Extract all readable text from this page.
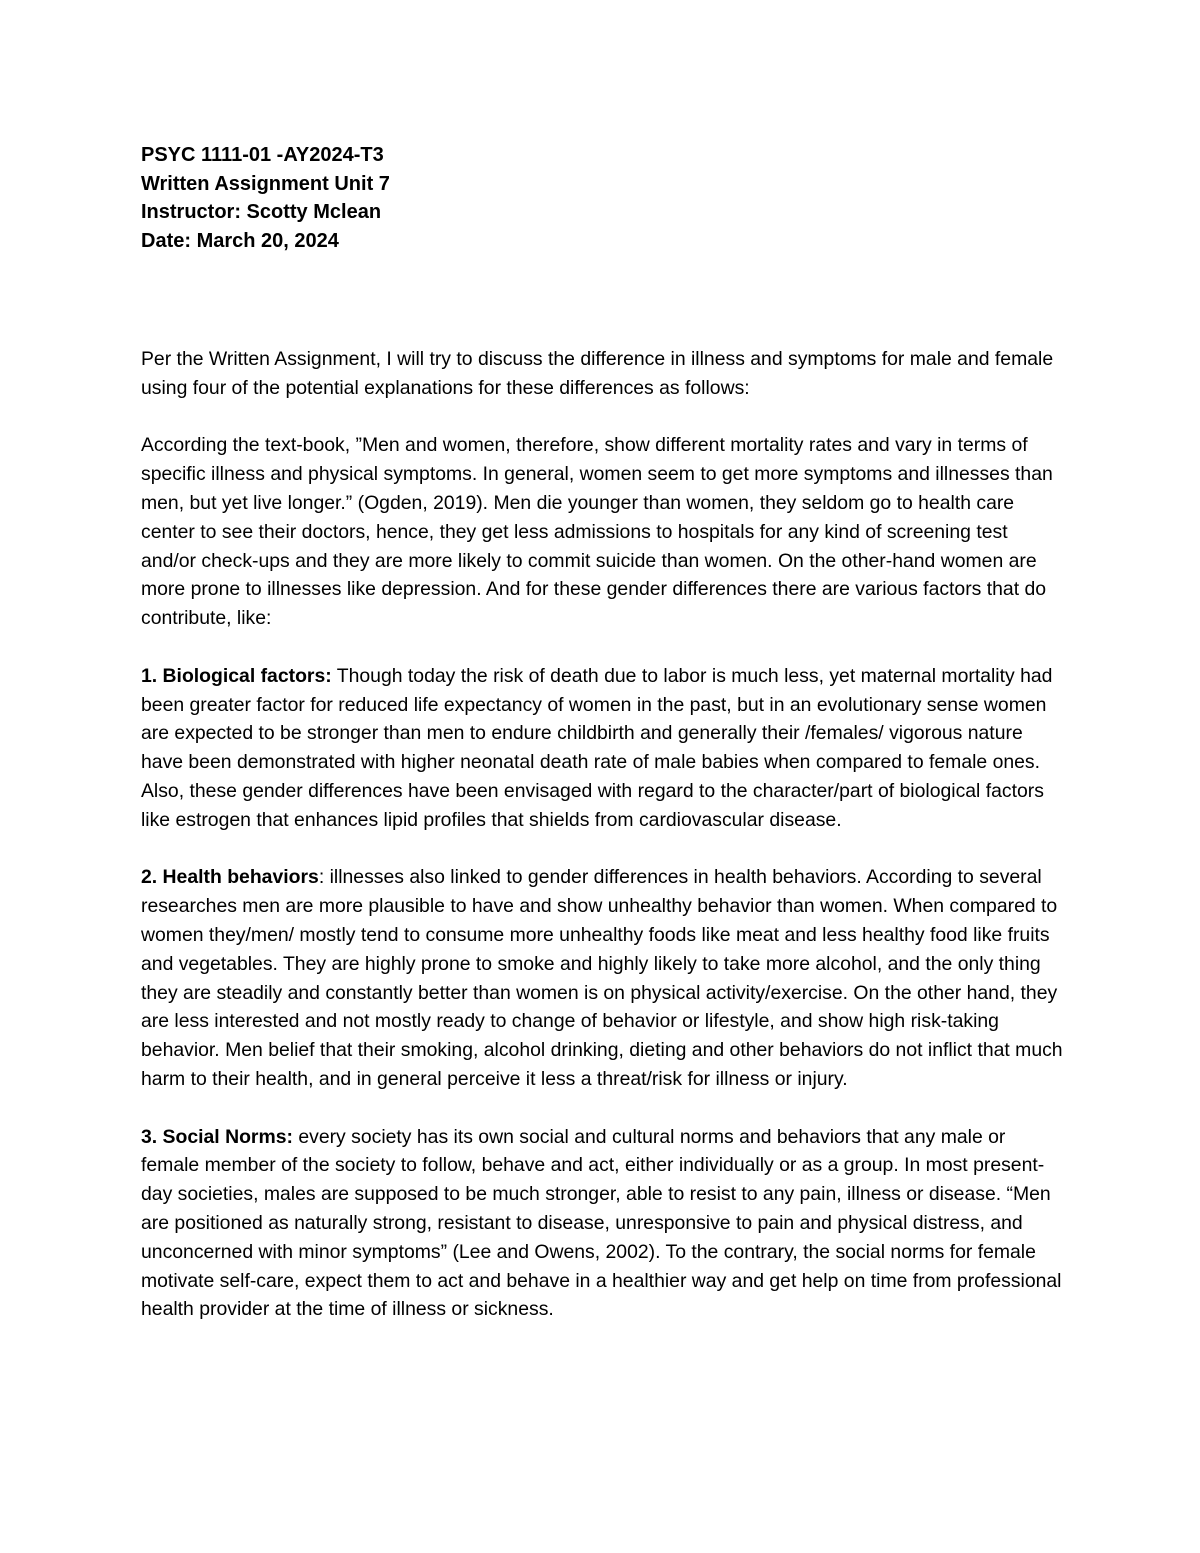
PSYC 1111-01 -AY2024-T3
Written Assignment Unit 7
Instructor: Scotty Mclean
Date: March 20, 2024

Per the Written Assignment, I will try to discuss the difference in illness and symptoms for male and female using four of the potential explanations for these differences as follows:

According the text-book, ”Men and women, therefore, show different mortality rates and vary in terms of specific illness and physical symptoms. In general, women seem to get more symptoms and illnesses than men, but yet live longer.” (Ogden, 2019). Men die younger than women, they seldom go to health care center to see their doctors, hence, they get less admissions to hospitals for any kind of screening test and/or check-ups and they are more likely to commit suicide than women. On the other-hand women are more prone to illnesses like depression. And for these gender differences there are various factors that do contribute, like:

1. Biological factors: Though today the risk of death due to labor is much less, yet maternal mortality had been greater factor for reduced life expectancy of women in the past, but in an evolutionary sense women are expected to be stronger than men to endure childbirth and generally their /females/ vigorous nature have been demonstrated with higher neonatal death rate of male babies when compared to female ones. Also, these gender differences have been envisaged with regard to the character/part of biological factors like estrogen that enhances lipid profiles that shields from cardiovascular disease.

2. Health behaviors: illnesses also linked to gender differences in health behaviors. According to several researches men are more plausible to have and show unhealthy behavior than women. When compared to women they/men/ mostly tend to consume more unhealthy foods like meat and less healthy food like fruits and vegetables. They are highly prone to smoke and highly likely to take more alcohol, and the only thing they are steadily and constantly better than women is on physical activity/exercise. On the other hand, they are less interested and not mostly ready to change of behavior or lifestyle, and show high risk-taking behavior. Men belief that their smoking, alcohol drinking, dieting and other behaviors do not inflict that much harm to their health, and in general perceive it less a threat/risk for illness or injury.

3. Social Norms: every society has its own social and cultural norms and behaviors that any male or female member of the society to follow, behave and act, either individually or as a group. In most present-day societies, males are supposed to be much stronger, able to resist to any pain, illness or disease. “Men are positioned as naturally strong, resistant to disease, unresponsive to pain and physical distress, and unconcerned with minor symptoms” (Lee and Owens, 2002). To the contrary, the social norms for female motivate self-care, expect them to act and behave in a healthier way and get help on time from professional health provider at the time of illness or sickness.
